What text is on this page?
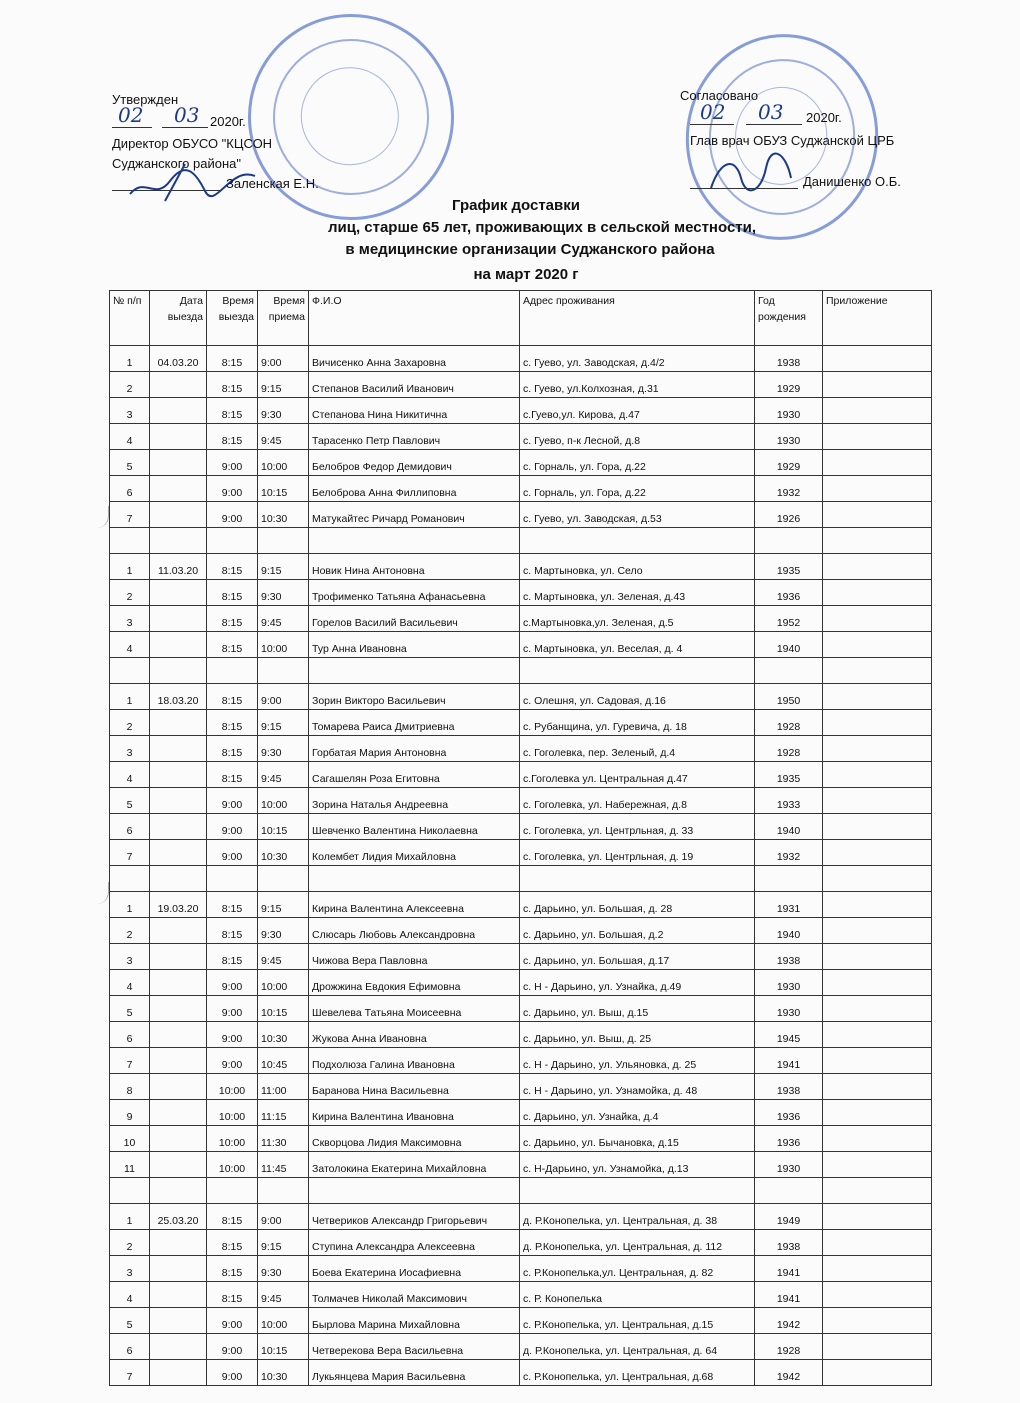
Утвержден
02 03 2020г.
Директор ОБУСО "КЦСОН
Суджанского района"
Заленская Е.Н.
Согласовано
02 03 2020г.
Глав врач ОБУЗ Суджанской ЦРБ
Данишенко О.Б.
График доставки
лиц, старше 65 лет, проживающих в сельской местности,
в медицинские организации Суджанского района
на март 2020 г
№ п/п	Дата выезда	Время выезда	Время приема	Ф.И.О	Адрес проживания	Год рождения	Приложение
1	04.03.20	8:15	9:00	Вичисенко Анна Захаровна	с. Гуево, ул. Заводская, д.4/2	1938	
2		8:15	9:15	Степанов Василий Иванович	с. Гуево, ул.Колхозная, д.31	1929	
3		8:15	9:30	Степанова Нина Никитична	с.Гуево,ул. Кирова, д.47	1930	
4		8:15	9:45	Тарасенко Петр Павлович	с. Гуево, п-к Лесной, д.8	1930	
5		9:00	10:00	Белобров Федор Демидович	с. Горналь, ул. Гора, д.22	1929	
6		9:00	10:15	Белоброва Анна Филлиповна	с. Горналь, ул. Гора, д.22	1932	
7		9:00	10:30	Матукайтес Ричард Романович	с. Гуево, ул. Заводская, д.53	1926	

1	11.03.20	8:15	9:15	Новик Нина Антоновна	с. Мартыновка, ул. Село	1935	
2		8:15	9:30	Трофименко Татьяна Афанасьевна	с. Мартыновка, ул. Зеленая, д.43	1936	
3		8:15	9:45	Горелов Василий Васильевич	с.Мартыновка,ул. Зеленая, д.5	1952	
4		8:15	10:00	Тур Анна Ивановна	с. Мартыновка, ул. Веселая, д. 4	1940	

1	18.03.20	8:15	9:00	Зорин Викторо Васильевич	с. Олешня, ул. Садовая, д.16	1950	
2		8:15	9:15	Томарева Раиса Дмитриевна	с. Рубанщина, ул. Гуревича, д. 18	1928	
3		8:15	9:30	Горбатая Мария Антоновна	с. Гоголевка, пер. Зеленый, д.4	1928	
4		8:15	9:45	Сагашелян Роза Егитовна	с.Гоголевка ул. Центральная д.47	1935	
5		9:00	10:00	Зорина Наталья Андреевна	с. Гоголевка, ул. Набережная, д.8	1933	
6		9:00	10:15	Шевченко Валентина Николаевна	с. Гоголевка, ул. Центрльная, д. 33	1940	
7		9:00	10:30	Колембет Лидия Михайловна	с. Гоголевка, ул. Центрльная, д. 19	1932	

1	19.03.20	8:15	9:15	Кирина Валентина Алексеевна	с. Дарьино, ул. Большая, д. 28	1931	
2		8:15	9:30	Слюсарь Любовь Александровна	с. Дарьино, ул. Большая, д.2	1940	
3		8:15	9:45	Чижова Вера Павловна	с. Дарьино, ул. Большая, д.17	1938	
4		9:00	10:00	Дрожжина Евдокия Ефимовна	с. Н - Дарьино, ул. Узнайка, д.49	1930	
5		9:00	10:15	Шевелева Татьяна Моисеевна	с. Дарьино, ул. Выш, д.15	1930	
6		9:00	10:30	Жукова Анна Ивановна	с. Дарьино, ул. Выш, д. 25	1945	
7		9:00	10:45	Подхолюза Галина Ивановна	с. Н - Дарьино, ул. Ульяновка, д. 25	1941	
8		10:00	11:00	Баранова Нина Васильевна	с. Н - Дарьино, ул. Узнамойка, д. 48	1938	
9		10:00	11:15	Кирина Валентина Ивановна	с. Дарьино, ул. Узнайка, д.4	1936	
10		10:00	11:30	Скворцова Лидия Максимовна	с. Дарьино, ул. Бычановка, д.15	1936	
11		10:00	11:45	Затолокина Екатерина Михайловна	с. Н-Дарьино, ул. Узнамойка, д.13	1930	

1	25.03.20	8:15	9:00	Четвериков Александр Григорьевич	д. Р.Конопелька, ул. Центральная, д. 38	1949	
2		8:15	9:15	Ступина Александра Алексеевна	д. Р.Конопелька, ул. Центральная, д. 112	1938	
3		8:15	9:30	Боева Екатерина Иосафиевна	с. Р.Конопелька,ул. Центральная, д. 82	1941	
4		8:15	9:45	Толмачев Николай Максимович	с. Р. Конопелька	1941	
5		9:00	10:00	Бырлова Марина Михайловна	с. Р.Конопелька, ул. Центральная, д.15	1942	
6		9:00	10:15	Четверекова Вера Васильевна	д. Р.Конопелька, ул. Центральная, д. 64	1928	
7		9:00	10:30	Лукьянцева Мария Васильевна	с. Р.Конопелька, ул. Центральная, д.68	1942	
